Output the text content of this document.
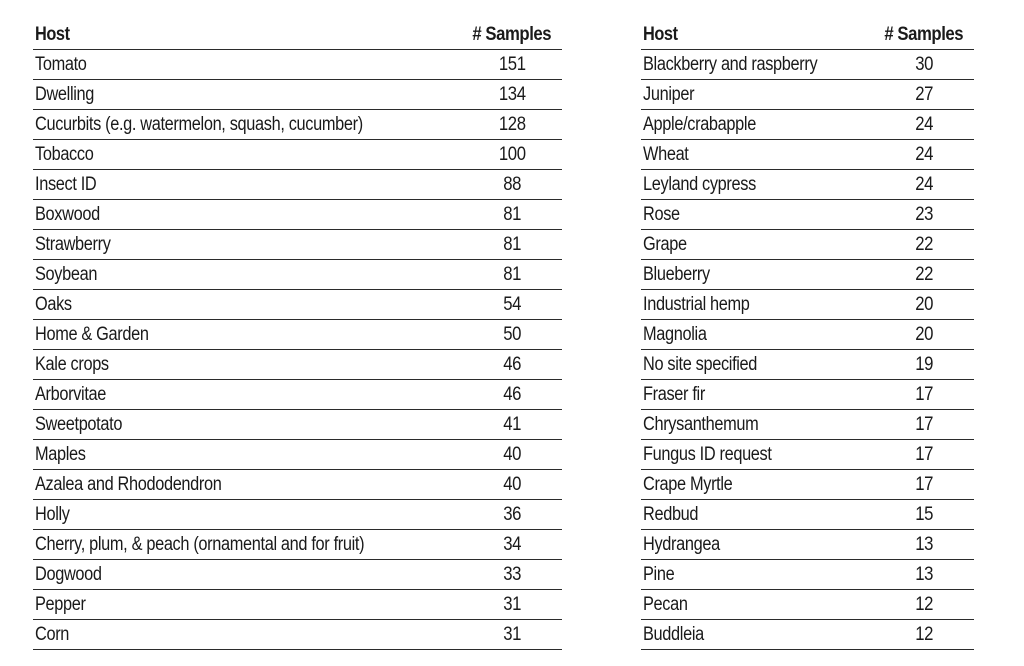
Host	# Samples
Tomato	151
Dwelling	134
Cucurbits (e.g. watermelon, squash, cucumber)	128
Tobacco	100
Insect ID	88
Boxwood	81
Strawberry	81
Soybean	81
Oaks	54
Home & Garden	50
Kale crops	46
Arborvitae	46
Sweetpotato	41
Maples	40
Azalea and Rhododendron	40
Holly	36
Cherry, plum, & peach (ornamental and for fruit)	34
Dogwood	33
Pepper	31
Corn	31
Host	# Samples
Blackberry and raspberry	30
Juniper	27
Apple/crabapple	24
Wheat	24
Leyland cypress	24
Rose	23
Grape	22
Blueberry	22
Industrial hemp	20
Magnolia	20
No site specified	19
Fraser fir	17
Chrysanthemum	17
Fungus ID request	17
Crape Myrtle	17
Redbud	15
Hydrangea	13
Pine	13
Pecan	12
Buddleia	12
